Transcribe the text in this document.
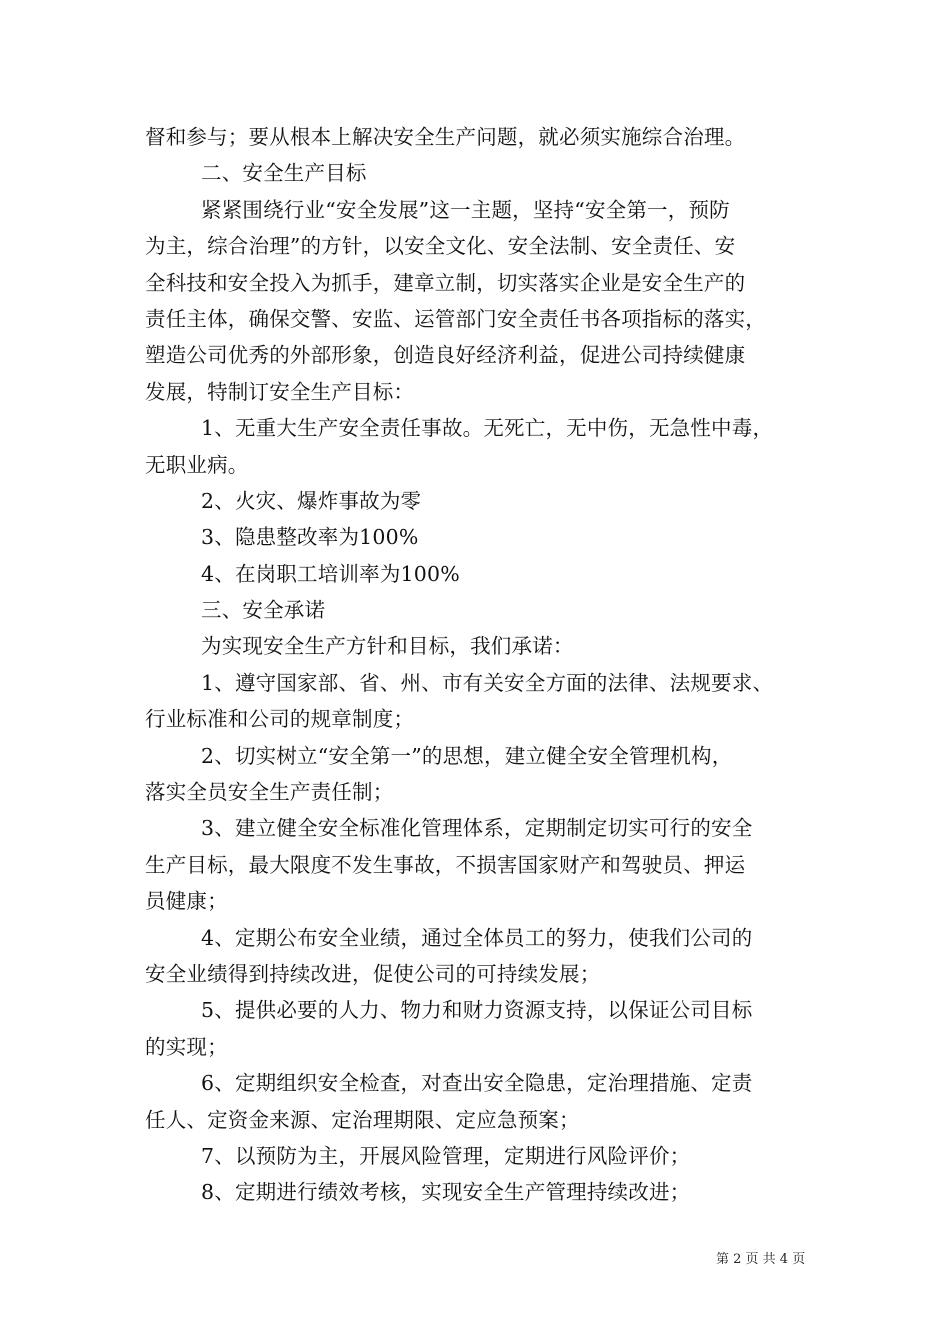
督和参与；要从根本上解决安全生产问题，就必须实施综合治理。
二、安全生产目标
紧紧围绕行业“安全发展”这一主题，坚持“安全第一，预防
为主，综合治理”的方针，以安全文化、安全法制、安全责任、安
全科技和安全投入为抓手，建章立制，切实落实企业是安全生产的
责任主体，确保交警、安监、运管部门安全责任书各项指标的落实，
塑造公司优秀的外部形象，创造良好经济利益，促进公司持续健康
发展，特制订安全生产目标：
1、无重大生产安全责任事故。无死亡，无中伤，无急性中毒，
无职业病。
2、火灾、爆炸事故为零
3、隐患整改率为100%
4、在岗职工培训率为100%
三、安全承诺
为实现安全生产方针和目标，我们承诺：
1、遵守国家部、省、州、市有关安全方面的法律、法规要求、
行业标准和公司的规章制度；
2、切实树立“安全第一”的思想，建立健全安全管理机构，
落实全员安全生产责任制；
3、建立健全安全标准化管理体系，定期制定切实可行的安全
生产目标，最大限度不发生事故，不损害国家财产和驾驶员、押运
员健康；
4、定期公布安全业绩，通过全体员工的努力，使我们公司的
安全业绩得到持续改进，促使公司的可持续发展；
5、提供必要的人力、物力和财力资源支持，以保证公司目标
的实现；
6、定期组织安全检查，对查出安全隐患，定治理措施、定责
任人、定资金来源、定治理期限、定应急预案；
7、以预防为主，开展风险管理，定期进行风险评价；
8、定期进行绩效考核，实现安全生产管理持续改进；
第 2 页 共 4 页
